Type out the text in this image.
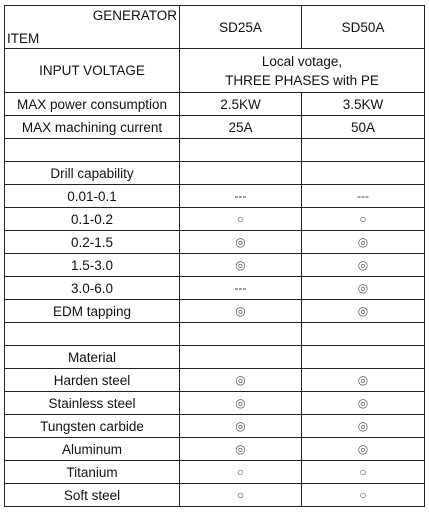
GENERATOR
ITEM	SD25A	SD50A
INPUT VOLTAGE	Local votage,
THREE PHASES with PE	

MAX power consumption	2.5KW	3.5KW
MAX machining current	25A	50A

Drill capability		
0.01-0.1	---	---
0.1-0.2	○	○
0.2-1.5	◎	◎
1.5-3.0	◎	◎
3.0-6.0	---	◎
EDM tapping	◎	◎

Material		
Harden steel	◎	◎
Stainless steel	◎	◎
Tungsten carbide	◎	◎
Aluminum	◎	◎
Titanium	○	○
Soft steel	○	○
